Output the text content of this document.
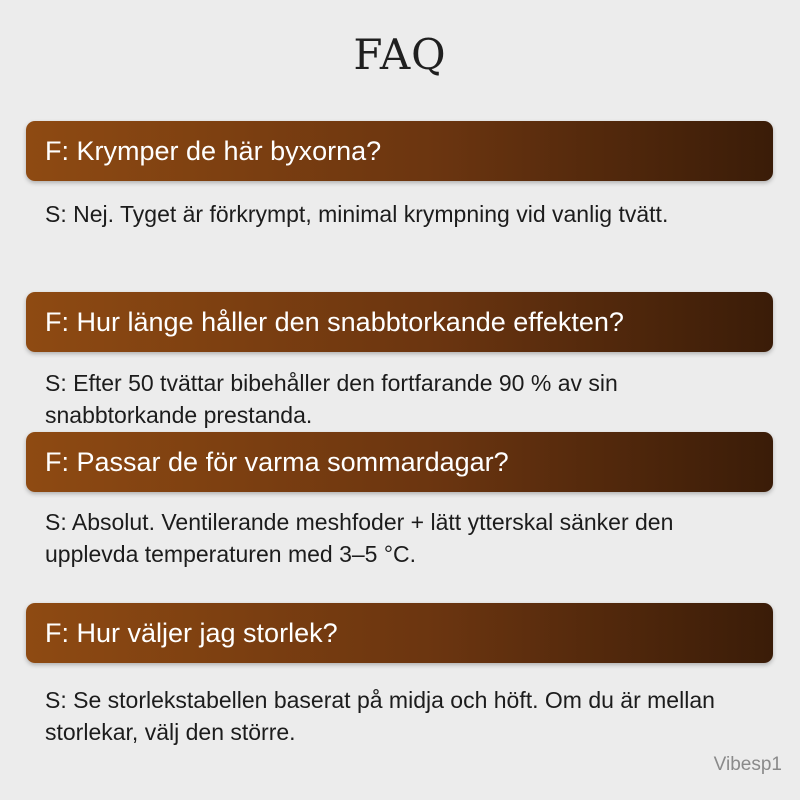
FAQ
F: Krymper de här byxorna?
S: Nej. Tyget är förkrympt, minimal krympning vid vanlig tvätt.
F: Hur länge håller den snabbtorkande effekten?
S: Efter 50 tvättar bibehåller den fortfarande 90 % av sin snabbtorkande prestanda.
F: Passar de för varma sommardagar?
S: Absolut. Ventilerande meshfoder + lätt ytterskal sänker den upplevda temperaturen med 3–5 °C.
F: Hur väljer jag storlek?
S: Se storlekstabellen baserat på midja och höft. Om du är mellan storlekar, välj den större.
Vibesp1
